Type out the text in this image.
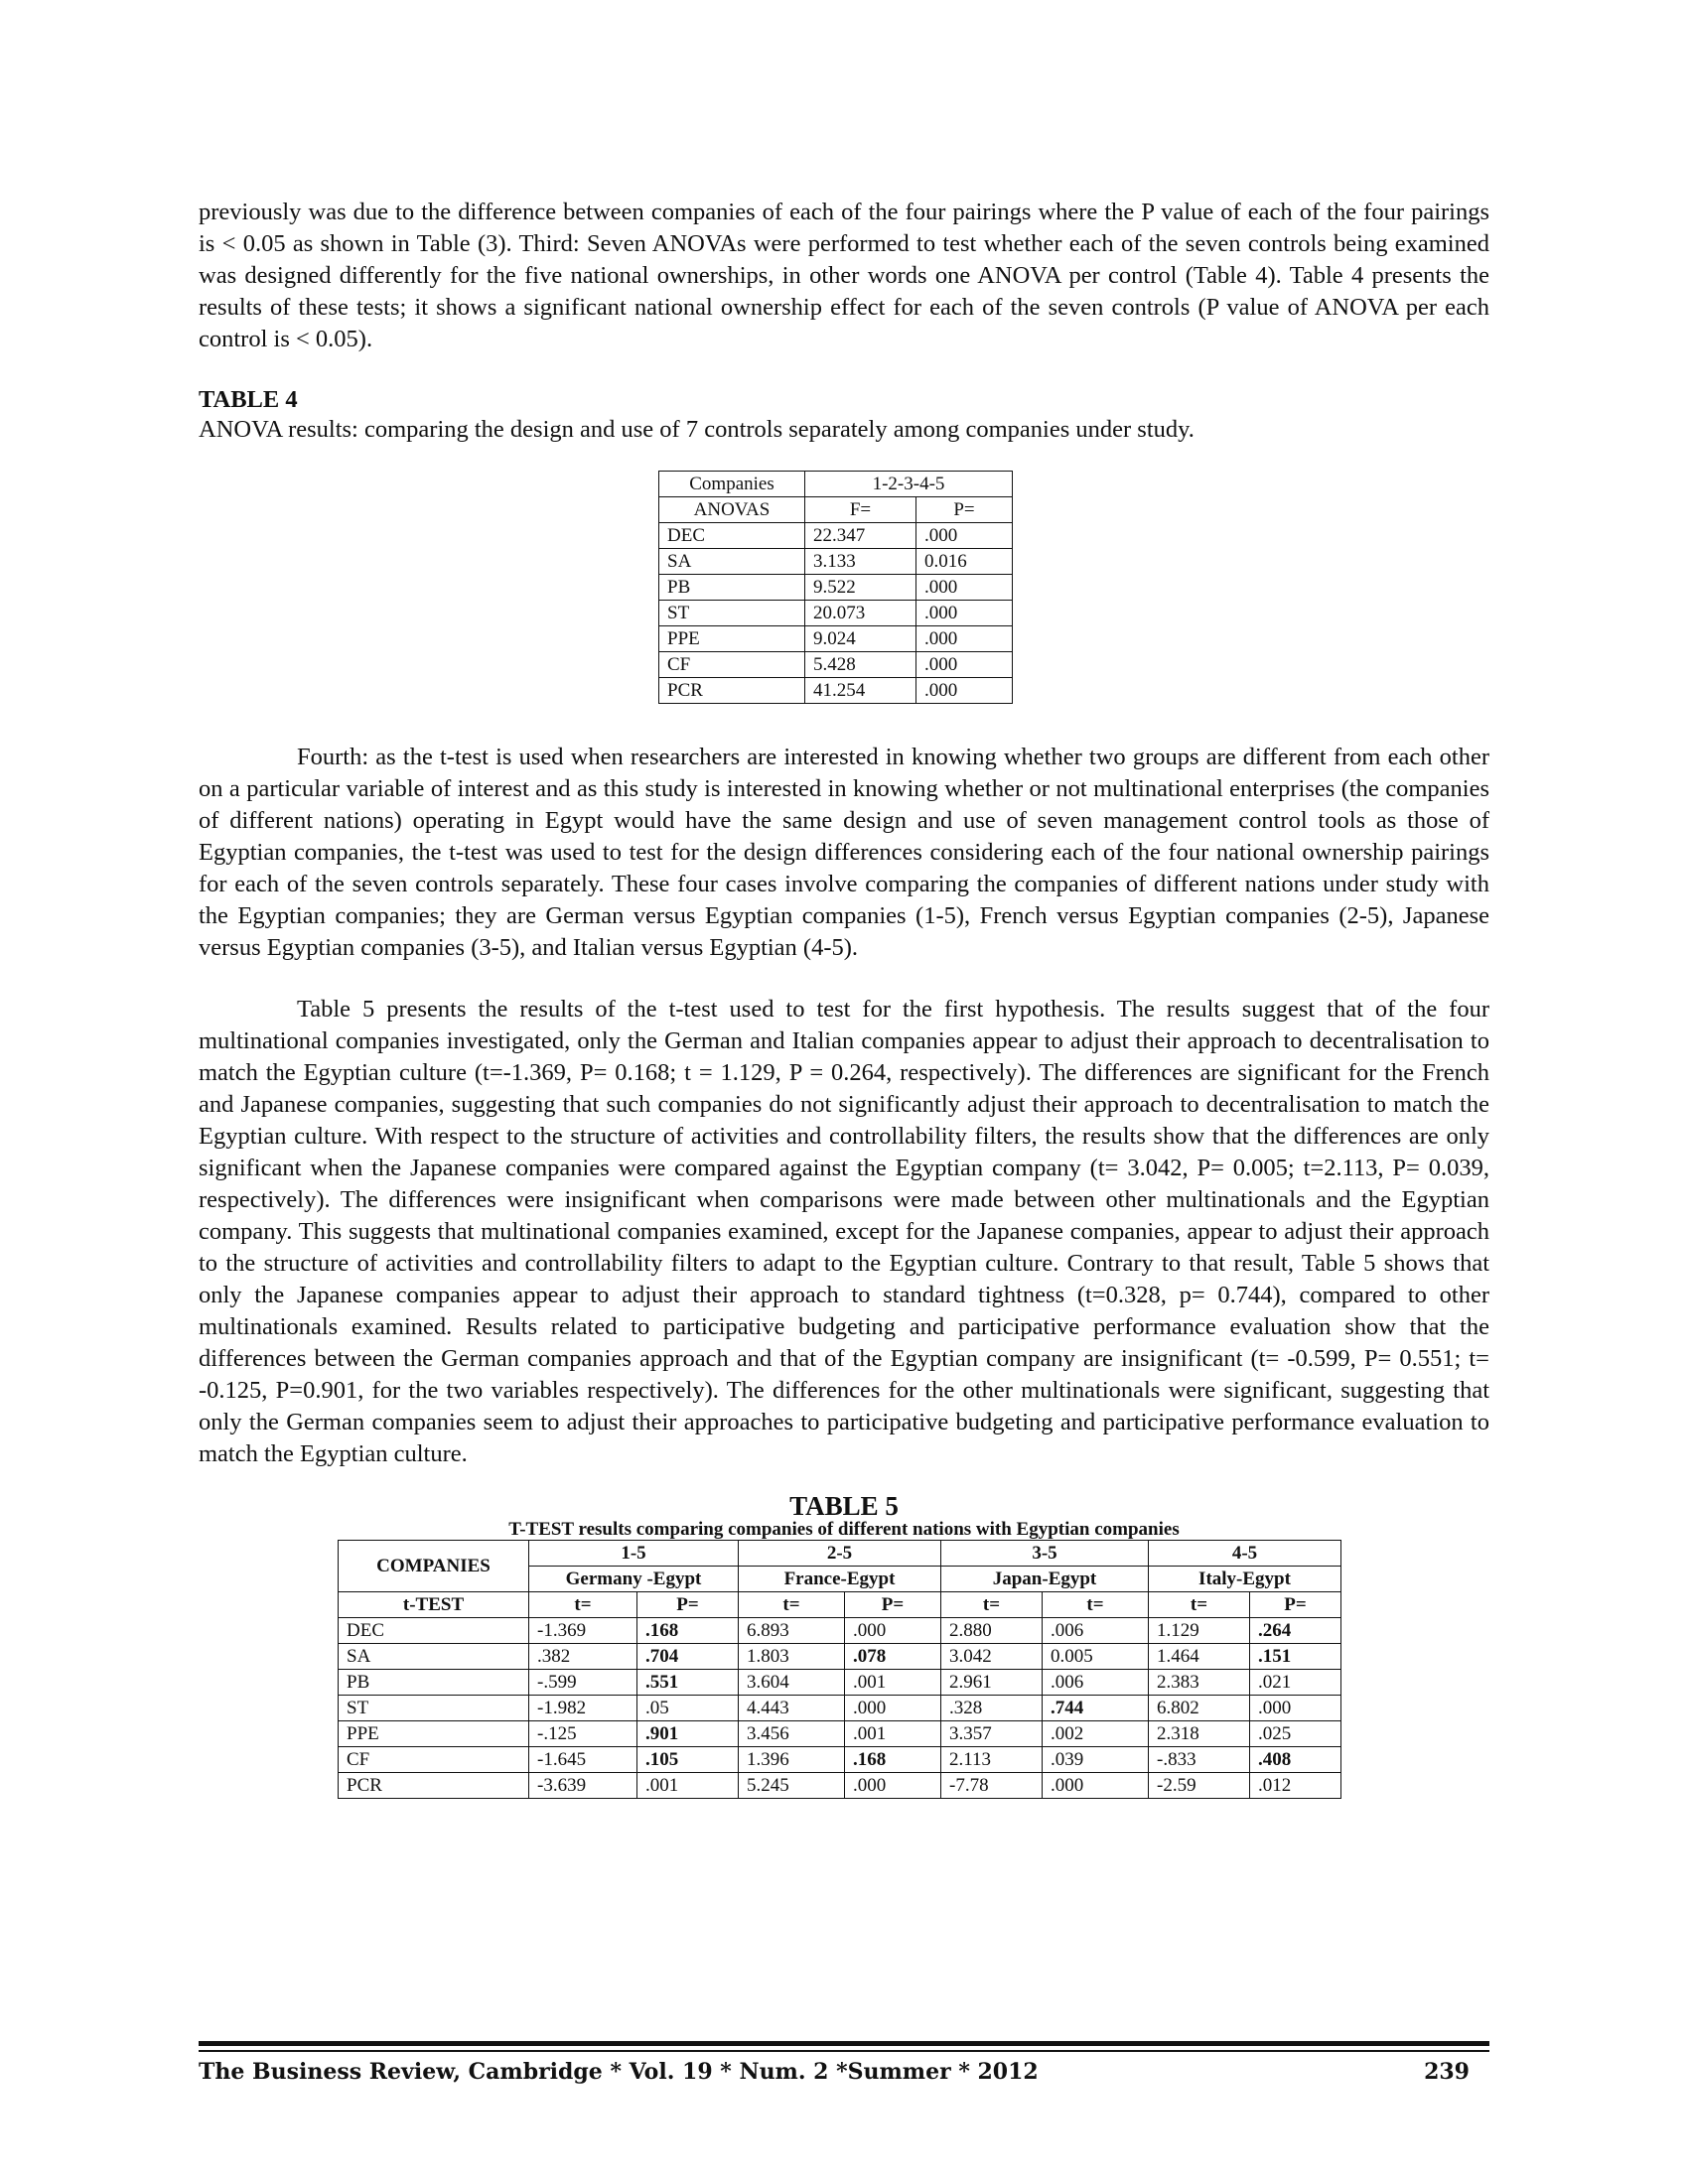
previously was due to the difference between companies of each of the four pairings where the P value of each of the four pairings is < 0.05 as shown in Table (3). Third: Seven ANOVAs were performed to test whether each of the seven controls being examined was designed differently for the five national ownerships, in other words one ANOVA per control (Table 4). Table 4 presents the results of these tests; it shows a significant national ownership effect for each of the seven controls (P value of ANOVA per each control is < 0.05).

TABLE 4
ANOVA results: comparing the design and use of 7 controls separately among companies under study.
Companies	1-2-3-4-5	
ANOVAS	F=	P=
DEC	22.347	.000
SA	3.133	0.016
PB	9.522	.000
ST	20.073	.000
PPE	9.024	.000
CF	5.428	.000
PCR	41.254	.000

Fourth: as the t-test is used when researchers are interested in knowing whether two groups are different from each other on a particular variable of interest and as this study is interested in knowing whether or not multinational enterprises (the companies of different nations) operating in Egypt would have the same design and use of seven management control tools as those of Egyptian companies, the t-test was used to test for the design differences considering each of the four national ownership pairings for each of the seven controls separately. These four cases involve comparing the companies of different nations under study with the Egyptian companies; they are German versus Egyptian companies (1-5), French versus Egyptian companies (2-5), Japanese versus Egyptian companies (3-5), and Italian versus Egyptian (4-5).

Table 5 presents the results of the t-test used to test for the first hypothesis. The results suggest that of the four multinational companies investigated, only the German and Italian companies appear to adjust their approach to decentralisation to match the Egyptian culture (t=-1.369, P= 0.168; t = 1.129, P = 0.264, respectively). The differences are significant for the French and Japanese companies, suggesting that such companies do not significantly adjust their approach to decentralisation to match the Egyptian culture. With respect to the structure of activities and controllability filters, the results show that the differences are only significant when the Japanese companies were compared against the Egyptian company (t= 3.042, P= 0.005; t=2.113, P= 0.039, respectively). The differences were insignificant when comparisons were made between other multinationals and the Egyptian company. This suggests that multinational companies examined, except for the Japanese companies, appear to adjust their approach to the structure of activities and controllability filters to adapt to the Egyptian culture. Contrary to that result, Table 5 shows that only the Japanese companies appear to adjust their approach to standard tightness (t=0.328, p= 0.744), compared to other multinationals examined. Results related to participative budgeting and participative performance evaluation show that the differences between the German companies approach and that of the Egyptian company are insignificant (t= -0.599, P= 0.551; t= -0.125, P=0.901, for the two variables respectively). The differences for the other multinationals were significant, suggesting that only the German companies seem to adjust their approaches to participative budgeting and participative performance evaluation to match the Egyptian culture.

TABLE 5
T-TEST results comparing companies of different nations with Egyptian companies
COMPANIES	1-5		2-5		3-5		4-5	
	Germany -Egypt		France-Egypt		Japan-Egypt		Italy-Egypt	
t-TEST	t=	P=	t=	P=	t=	t=	t=	P=
DEC	-1.369	.168	6.893	.000	2.880	.006	1.129	.264
SA	.382	.704	1.803	.078	3.042	0.005	1.464	.151
PB	-.599	.551	3.604	.001	2.961	.006	2.383	.021
ST	-1.982	.05	4.443	.000	.328	.744	6.802	.000
PPE	-.125	.901	3.456	.001	3.357	.002	2.318	.025
CF	-1.645	.105	1.396	.168	2.113	.039	-.833	.408
PCR	-3.639	.001	5.245	.000	-7.78	.000	-2.59	.012
The Business Review, Cambridge * Vol. 19 * Num. 2 *Summer * 2012	239
